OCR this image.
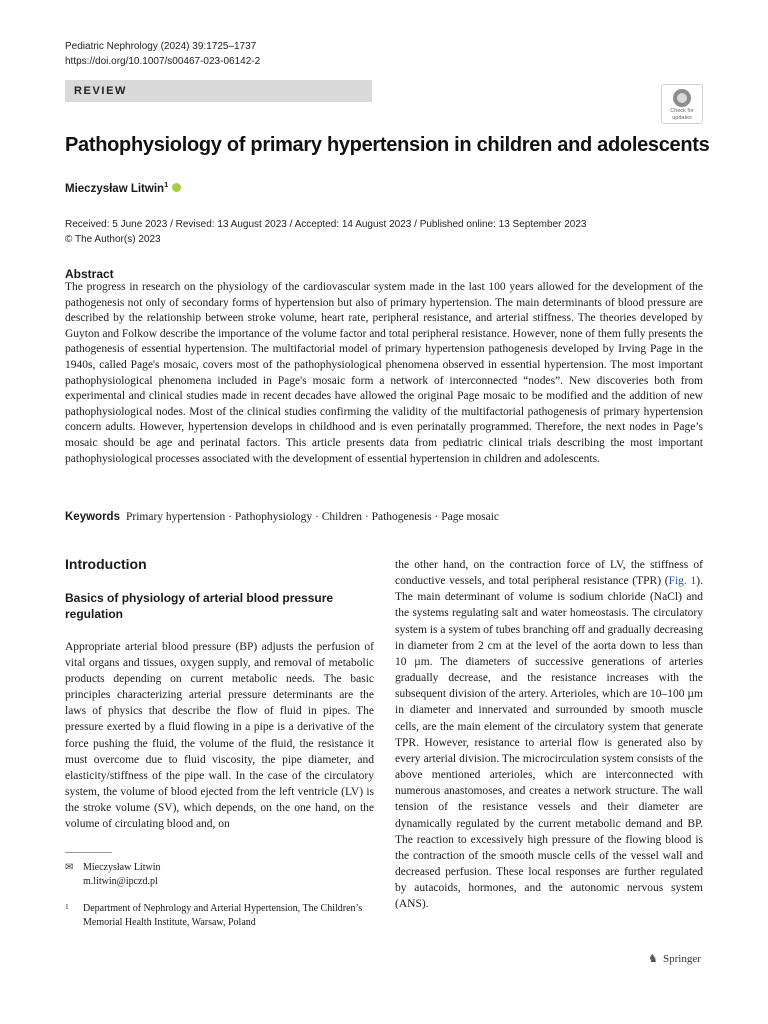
Pediatric Nephrology (2024) 39:1725–1737
https://doi.org/10.1007/s00467-023-06142-2
REVIEW
Check for
updates
Pathophysiology of primary hypertension in children and adolescents
Mieczysław Litwin$^1$
Received: 5 June 2023 / Revised: 13 August 2023 / Accepted: 14 August 2023 / Published online: 13 September 2023
© The Author(s) 2023
Abstract
The progress in research on the physiology of the cardiovascular system made in the last 100 years allowed for the development of the pathogenesis not only of secondary forms of hypertension but also of primary hypertension. The main determinants of blood pressure are described by the relationship between stroke volume, heart rate, peripheral resistance, and arterial stiffness. The theories developed by Guyton and Folkow describe the importance of the volume factor and total peripheral resistance. However, none of them fully presents the pathogenesis of essential hypertension. The multifactorial model of primary hypertension pathogenesis developed by Irving Page in the 1940s, called Page's mosaic, covers most of the pathophysiological phenomena observed in essential hypertension. The most important pathophysiological phenomena included in Page's mosaic form a network of interconnected “nodes”. New discoveries both from experimental and clinical studies made in recent decades have allowed the original Page mosaic to be modified and the addition of new pathophysiological nodes. Most of the clinical studies confirming the validity of the multifactorial pathogenesis of primary hypertension concern adults. However, hypertension develops in childhood and is even perinatally programmed. Therefore, the next nodes in Page’s mosaic should be age and perinatal factors. This article presents data from pediatric clinical trials describing the most important pathophysiological processes associated with the development of essential hypertension in children and adolescents.
Keywords Primary hypertension · Pathophysiology · Children · Pathogenesis · Page mosaic
Introduction
Basics of physiology of arterial blood pressure regulation
Appropriate arterial blood pressure (BP) adjusts the perfusion of vital organs and tissues, oxygen supply, and removal of metabolic products depending on current metabolic needs. The basic principles characterizing arterial pressure determinants are the laws of physics that describe the flow of fluid in pipes. The pressure exerted by a fluid flowing in a pipe is a derivative of the force pushing the fluid, the volume of the fluid, the resistance it must overcome due to fluid viscosity, the pipe diameter, and elasticity/stiffness of the pipe wall. In the case of the circulatory system, the volume of blood ejected from the left ventricle (LV) is the stroke volume (SV), which depends, on the one hand, on the volume of circulating blood and, on
the other hand, on the contraction force of LV, the stiffness of conductive vessels, and total peripheral resistance (TPR) (Fig. 1). The main determinant of volume is sodium chloride (NaCl) and the systems regulating salt and water homeostasis. The circulatory system is a system of tubes branching off and gradually decreasing in diameter from 2 cm at the level of the aorta down to less than 10 µm. The diameters of successive generations of arteries gradually decrease, and the resistance increases with the subsequent division of the artery. Arterioles, which are 10–100 µm in diameter and innervated and surrounded by smooth muscle cells, are the main element of the circulatory system that generate TPR. However, resistance to arterial flow is generated also by every arterial division. The microcirculation system consists of the above mentioned arterioles, which are interconnected with numerous anastomoses, and creates a network structure. The wall tension of the resistance vessels and their diameter are dynamically regulated by the current metabolic demand and BP. The reaction to excessively high pressure of the flowing blood is the contraction of the smooth muscle cells of the vessel wall and decreased perfusion. These local responses are further regulated by autacoids, hormones, and the autonomic nervous system (ANS).
✉ Mieczysław Litwin
m.litwin@ipczd.pl
1	Department of Nephrology and Arterial Hypertension, The Children’s Memorial Health Institute, Warsaw, Poland
♞ Springer
